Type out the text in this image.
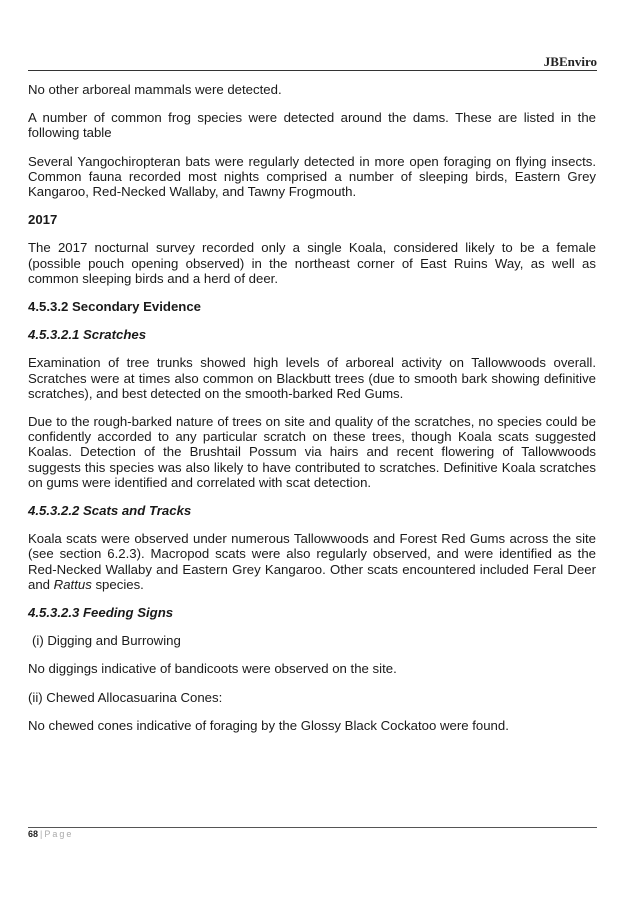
JBEnviro

No other arboreal mammals were detected.

A number of common frog species were detected around the dams. These are listed in the following table

Several Yangochiropteran bats were regularly detected in more open foraging on flying insects. Common fauna recorded most nights comprised a number of sleeping birds, Eastern Grey Kangaroo, Red-Necked Wallaby, and Tawny Frogmouth.

2017

The 2017 nocturnal survey recorded only a single Koala, considered likely to be a female (possible pouch opening observed) in the northeast corner of East Ruins Way, as well as common sleeping birds and a herd of deer.

4.5.3.2 Secondary Evidence
4.5.3.2.1 Scratches

Examination of tree trunks showed high levels of arboreal activity on Tallowwoods overall. Scratches were at times also common on Blackbutt trees (due to smooth bark showing definitive scratches), and best detected on the smooth-barked Red Gums.

Due to the rough-barked nature of trees on site and quality of the scratches, no species could be confidently accorded to any particular scratch on these trees, though Koala scats suggested Koalas. Detection of the Brushtail Possum via hairs and recent flowering of Tallowwoods suggests this species was also likely to have contributed to scratches. Definitive Koala scratches on gums were identified and correlated with scat detection.

4.5.3.2.2 Scats and Tracks

Koala scats were observed under numerous Tallowwoods and Forest Red Gums across the site (see section 6.2.3). Macropod scats were also regularly observed, and were identified as the Red-Necked Wallaby and Eastern Grey Kangaroo. Other scats encountered included Feral Deer and Rattus species.

4.5.3.2.3 Feeding Signs

(i) Digging and Burrowing

No diggings indicative of bandicoots were observed on the site.

(ii) Chewed Allocasuarina Cones:

No chewed cones indicative of foraging by the Glossy Black Cockatoo were found.

68 | Page
